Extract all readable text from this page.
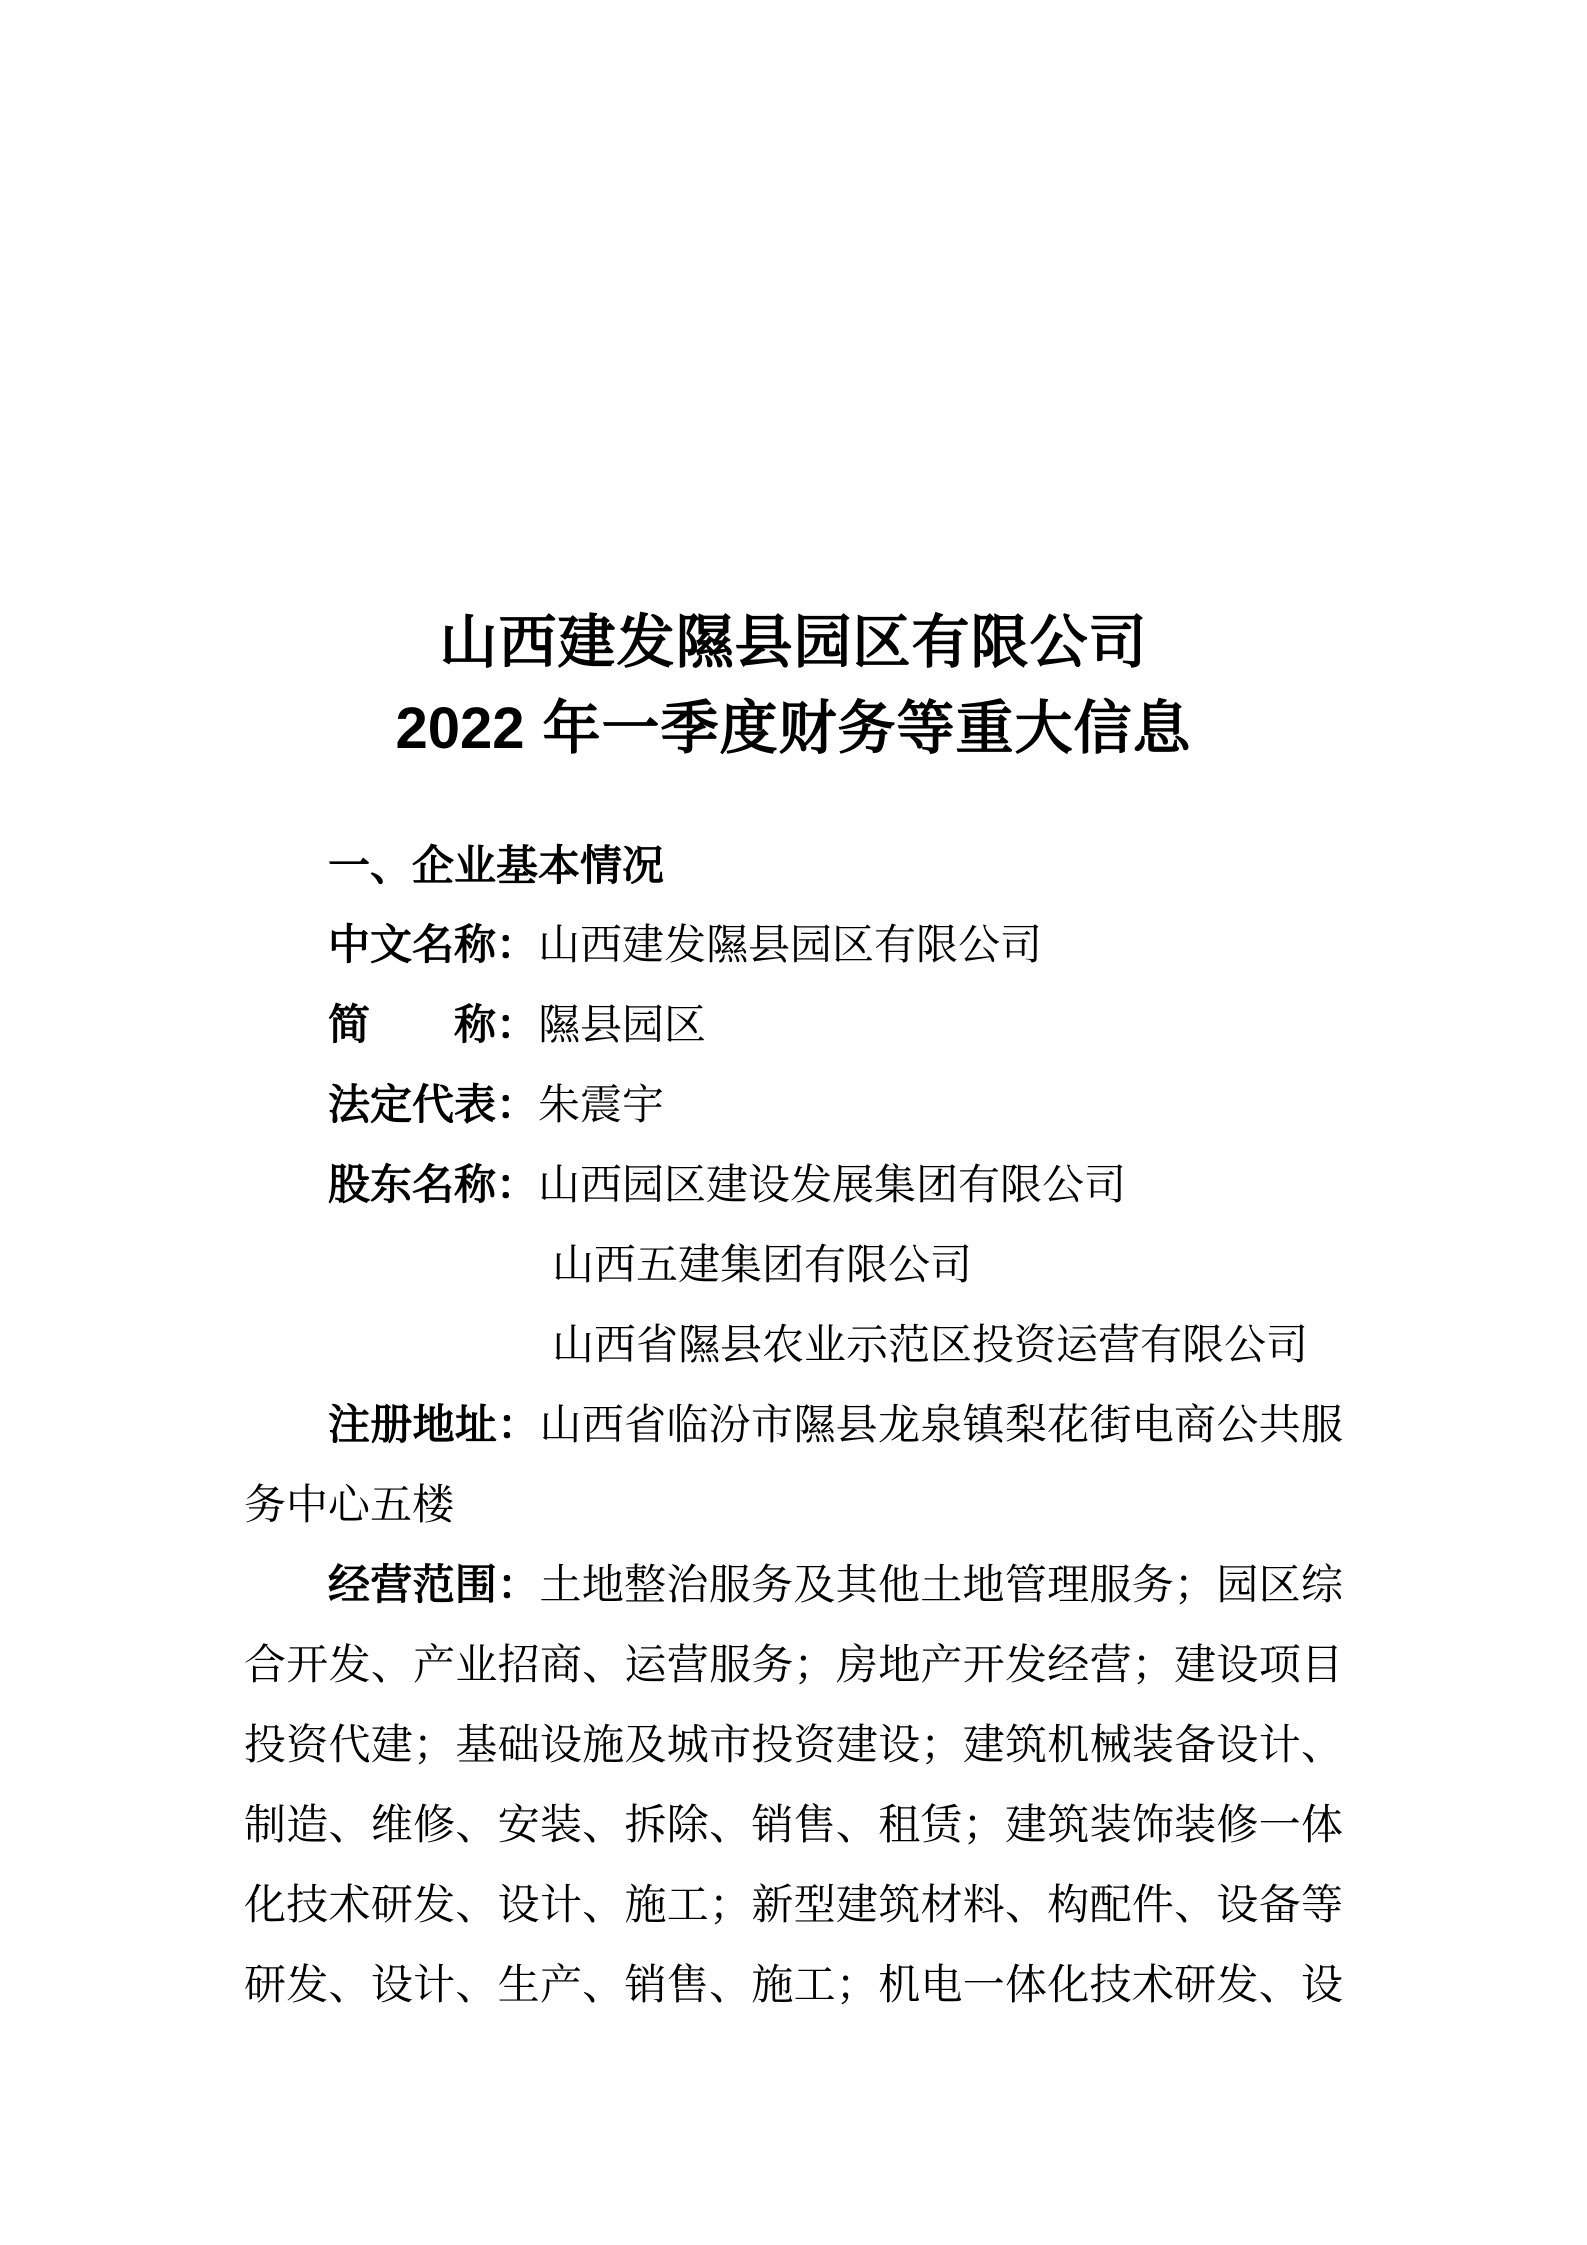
山西建发隰县园区有限公司
2022 年一季度财务等重大信息
一、企业基本情况
中文名称：山西建发隰县园区有限公司
简　　称：隰县园区
法定代表：朱震宇
股东名称：山西园区建设发展集团有限公司
山西五建集团有限公司
山西省隰县农业示范区投资运营有限公司
注册地址：山西省临汾市隰县龙泉镇梨花街电商公共服
务中心五楼
经营范围：土地整治服务及其他土地管理服务；园区综
合开发、产业招商、运营服务；房地产开发经营；建设项目
投资代建；基础设施及城市投资建设；建筑机械装备设计、
制造、维修、安装、拆除、销售、租赁；建筑装饰装修一体
化技术研发、设计、施工；新型建筑材料、构配件、设备等
研发、设计、生产、销售、施工；机电一体化技术研发、设
